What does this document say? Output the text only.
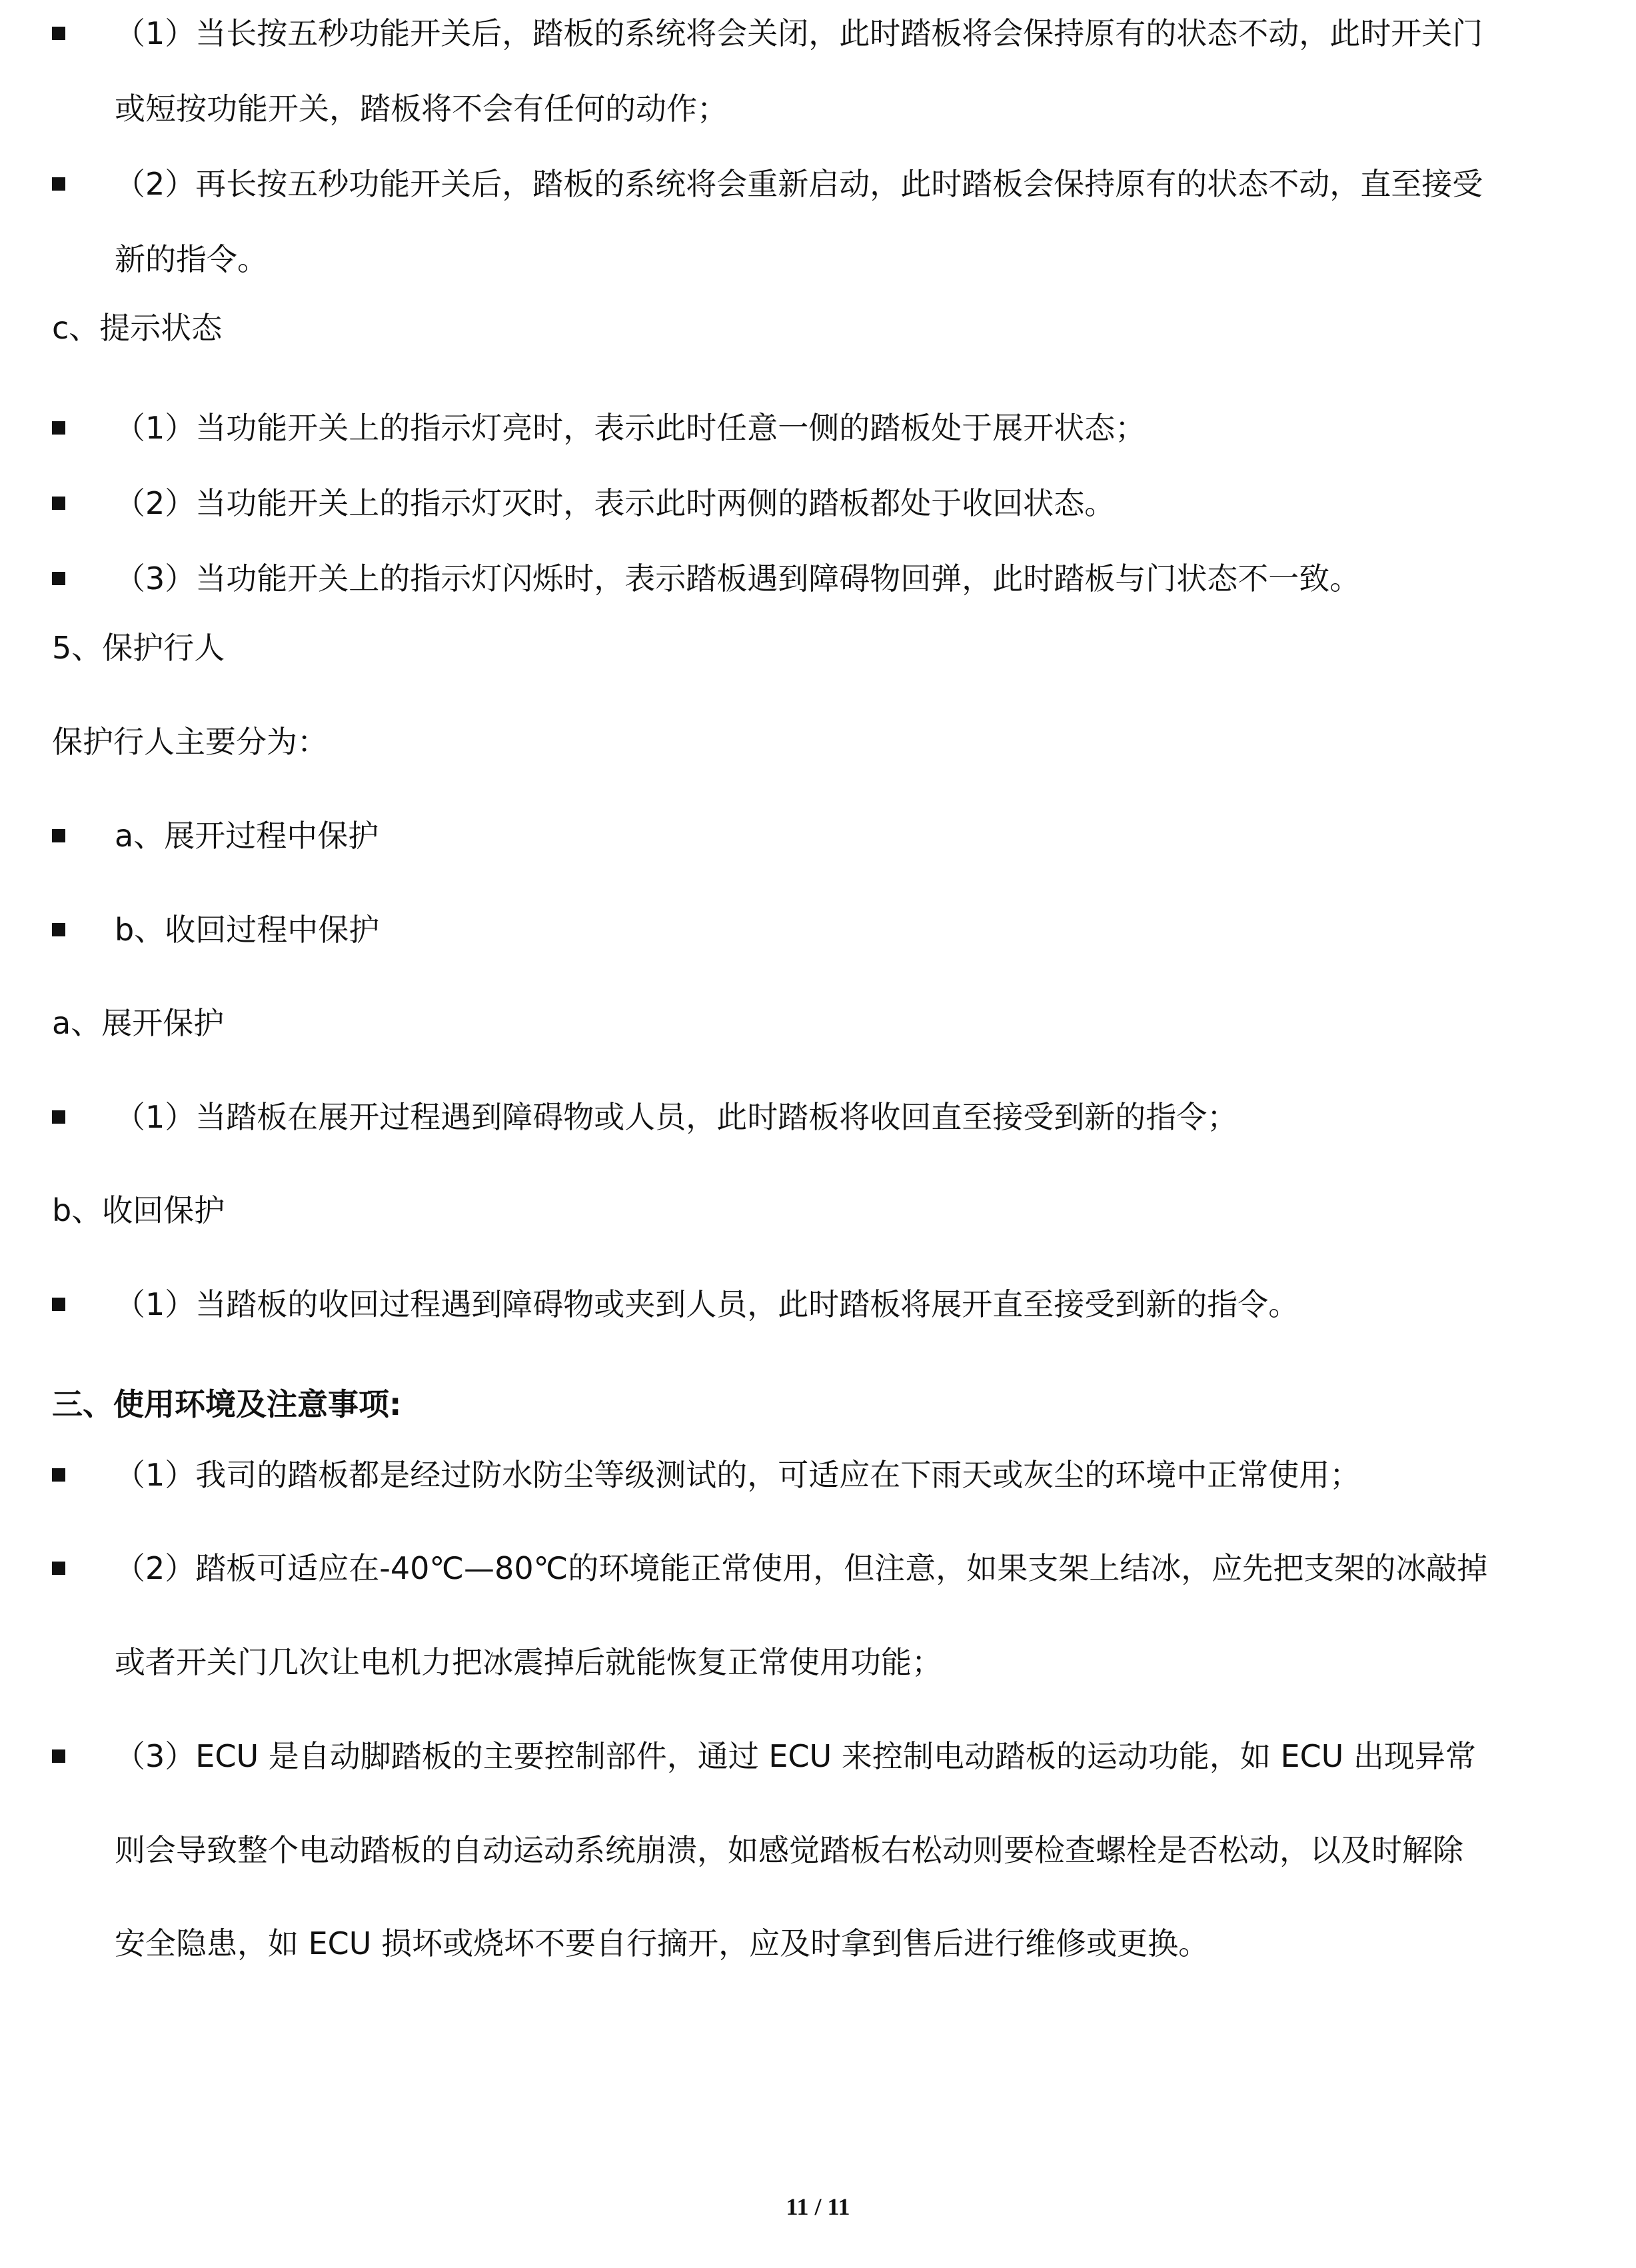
（1）当长按五秒功能开关后，踏板的系统将会关闭，此时踏板将会保持原有的状态不动，此时开关门
或短按功能开关，踏板将不会有任何的动作；
（2）再长按五秒功能开关后，踏板的系统将会重新启动，此时踏板会保持原有的状态不动，直至接受
新的指令。
c、提示状态
（1）当功能开关上的指示灯亮时，表示此时任意一侧的踏板处于展开状态；
（2）当功能开关上的指示灯灭时，表示此时两侧的踏板都处于收回状态。
（3）当功能开关上的指示灯闪烁时，表示踏板遇到障碍物回弹，此时踏板与门状态不一致。
5、保护行人
保护行人主要分为：
a、展开过程中保护
b、收回过程中保护
a、展开保护
（1）当踏板在展开过程遇到障碍物或人员，此时踏板将收回直至接受到新的指令；
b、收回保护
（1）当踏板的收回过程遇到障碍物或夹到人员，此时踏板将展开直至接受到新的指令。
三、使用环境及注意事项:
（1）我司的踏板都是经过防水防尘等级测试的，可适应在下雨天或灰尘的环境中正常使用；
（2）踏板可适应在-40℃—80℃的环境能正常使用，但注意，如果支架上结冰，应先把支架的冰敲掉
或者开关门几次让电机力把冰震掉后就能恢复正常使用功能；
（3）ECU 是自动脚踏板的主要控制部件，通过 ECU 来控制电动踏板的运动功能，如 ECU 出现异常
则会导致整个电动踏板的自动运动系统崩溃，如感觉踏板右松动则要检查螺栓是否松动，以及时解除
安全隐患，如 ECU 损坏或烧坏不要自行摘开，应及时拿到售后进行维修或更换。
11 / 11
